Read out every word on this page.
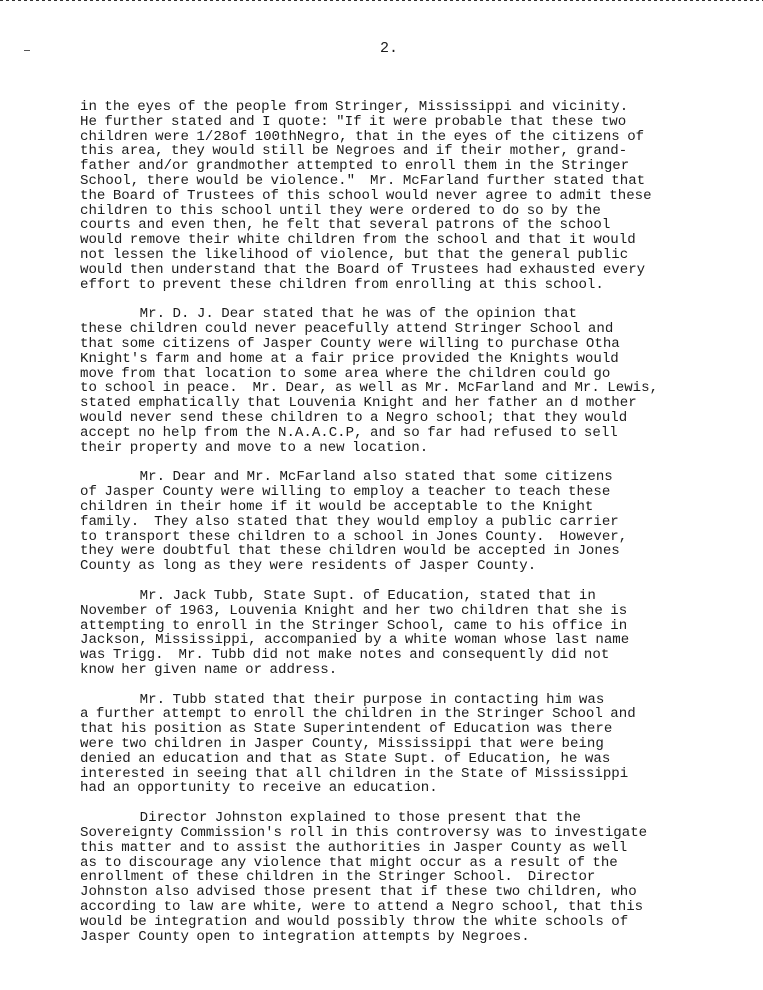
2.

in the eyes of the people from Stringer, Mississippi and vicinity.
He further stated and I quote: "If it were probable that these two
children were 1/28of 100thNegro, that in the eyes of the citizens of
this area, they would still be Negroes and if their mother, grand-
father and/or grandmother attempted to enroll them in the Stringer
School, there would be violence."  Mr. McFarland further stated that
the Board of Trustees of this school would never agree to admit these
children to this school until they were ordered to do so by the
courts and even then, he felt that several patrons of the school
would remove their white children from the school and that it would
not lessen the likelihood of violence, but that the general public
would then understand that the Board of Trustees had exhausted every
effort to prevent these children from enrolling at this school.
Mr. D. J. Dear stated that he was of the opinion that
these children could never peacefully attend Stringer School and
that some citizens of Jasper County were willing to purchase Otha
Knight's farm and home at a fair price provided the Knights would
move from that location to some area where the children could go
to school in peace.  Mr. Dear, as well as Mr. McFarland and Mr. Lewis,
stated emphatically that Louvenia Knight and her father an d mother
would never send these children to a Negro school; that they would
accept no help from the N.A.A.C.P, and so far had refused to sell
their property and move to a new location.
Mr. Dear and Mr. McFarland also stated that some citizens
of Jasper County were willing to employ a teacher to teach these
children in their home if it would be acceptable to the Knight
family.  They also stated that they would employ a public carrier
to transport these children to a school in Jones County.  However,
they were doubtful that these children would be accepted in Jones
County as long as they were residents of Jasper County.
Mr. Jack Tubb, State Supt. of Education, stated that in
November of 1963, Louvenia Knight and her two children that she is
attempting to enroll in the Stringer School, came to his office in
Jackson, Mississippi, accompanied by a white woman whose last name
was Trigg.  Mr. Tubb did not make notes and consequently did not
know her given name or address.
Mr. Tubb stated that their purpose in contacting him was
a further attempt to enroll the children in the Stringer School and
that his position as State Superintendent of Education was there
were two children in Jasper County, Mississippi that were being
denied an education and that as State Supt. of Education, he was
interested in seeing that all children in the State of Mississippi
had an opportunity to receive an education.
Director Johnston explained to those present that the
Sovereignty Commission's roll in this controversy was to investigate
this matter and to assist the authorities in Jasper County as well
as to discourage any violence that might occur as a result of the
enrollment of these children in the Stringer School.  Director
Johnston also advised those present that if these two children, who
according to law are white, were to attend a Negro school, that this
would be integration and would possibly throw the white schools of
Jasper County open to integration attempts by Negroes.
